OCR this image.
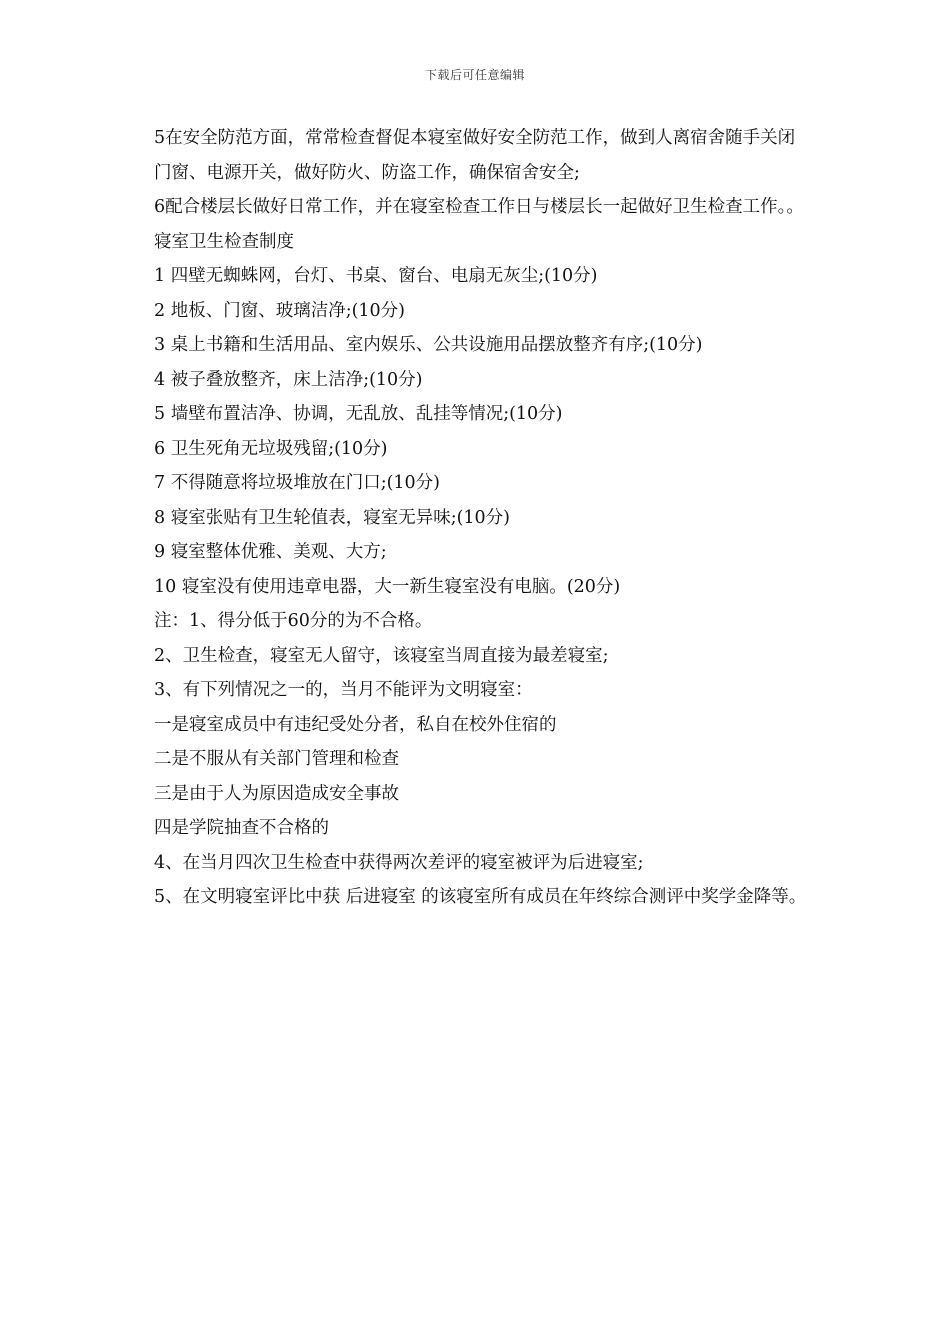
下载后可任意编辑

5在安全防范方面，常常检查督促本寝室做好安全防范工作，做到人离宿舍随手关闭门窗、电源开关，做好防火、防盗工作，确保宿舍安全;

6配合楼层长做好日常工作，并在寝室检查工作日与楼层长一起做好卫生检查工作。。

寝室卫生检查制度

1 四壁无蜘蛛网，台灯、书桌、窗台、电扇无灰尘;(10分)

2 地板、门窗、玻璃洁净;(10分)

3 桌上书籍和生活用品、室内娱乐、公共设施用品摆放整齐有序;(10分)

4 被子叠放整齐，床上洁净;(10分)

5 墙壁布置洁净、协调，无乱放、乱挂等情况;(10分)

6 卫生死角无垃圾残留;(10分)

7 不得随意将垃圾堆放在门口;(10分)

8 寝室张贴有卫生轮值表，寝室无异味;(10分)

9 寝室整体优雅、美观、大方;

10 寝室没有使用违章电器，大一新生寝室没有电脑。(20分)

注：1、得分低于60分的为不合格。

2、卫生检查，寝室无人留守，该寝室当周直接为最差寝室;

3、有下列情况之一的，当月不能评为文明寝室：

一是寝室成员中有违纪受处分者，私自在校外住宿的

二是不服从有关部门管理和检查

三是由于人为原因造成安全事故

四是学院抽查不合格的

4、在当月四次卫生检查中获得两次差评的寝室被评为后进寝室;

5、在文明寝室评比中获 后进寝室 的该寝室所有成员在年终综合测评中奖学金降等。
